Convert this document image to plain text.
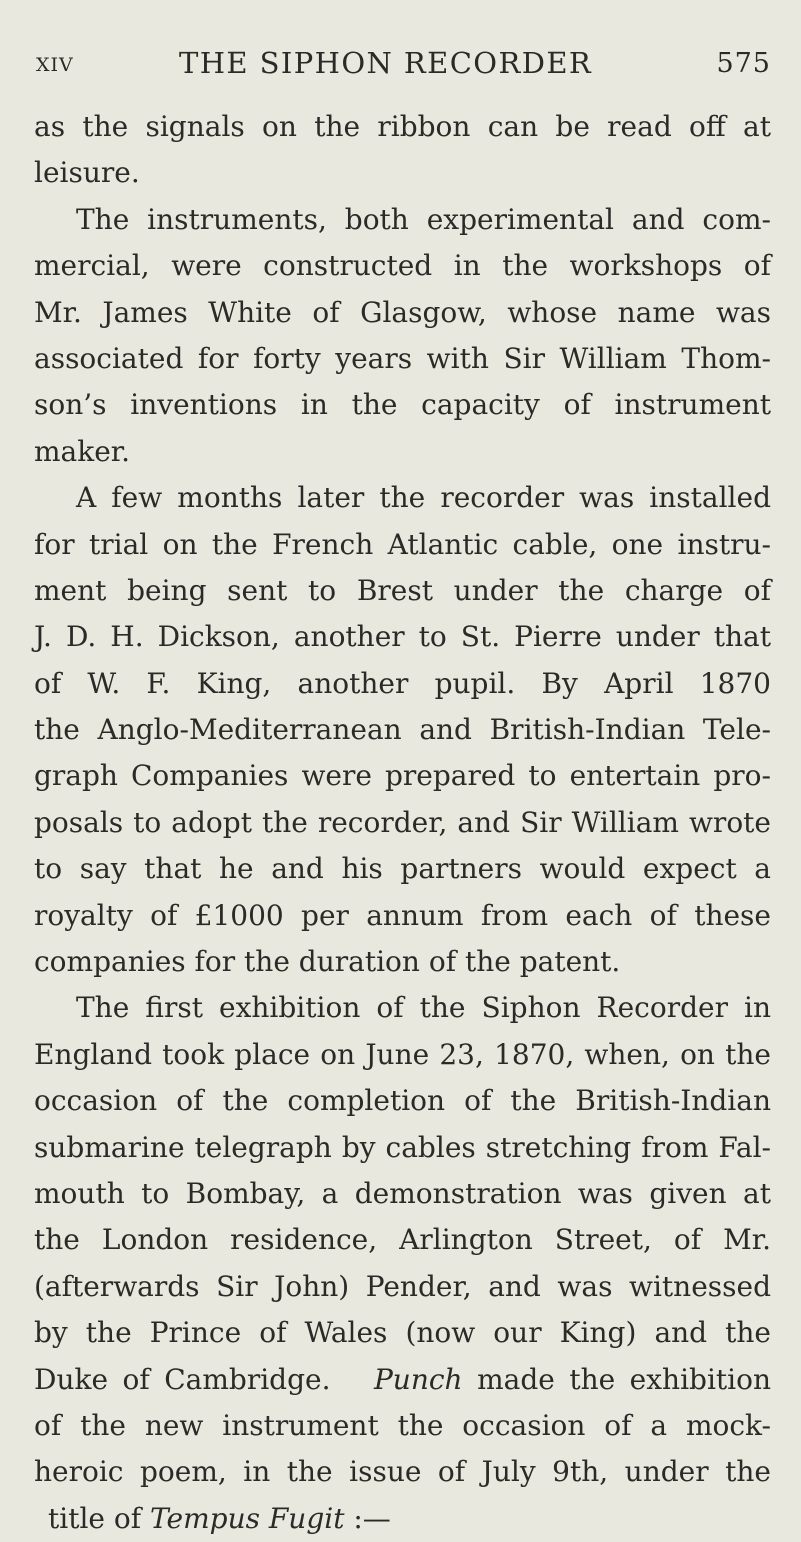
XIV	THE SIPHON RECORDER	575
as the signals on the ribbon can be read off at
leisure.
The instruments, both experimental and com-
mercial, were constructed in the workshops of
Mr. James White of Glasgow, whose name was
associated for forty years with Sir William Thom-
son’s inventions in the capacity of instrument
maker.
A few months later the recorder was installed
for trial on the French Atlantic cable, one instru-
ment being sent to Brest under the charge of
J. D. H. Dickson, another to St. Pierre under that
of W. F. King, another pupil. By April 1870
the Anglo-Mediterranean and British-Indian Tele-
graph Companies were prepared to entertain pro-
posals to adopt the recorder, and Sir William wrote
to say that he and his partners would expect a
royalty of £1000 per annum from each of these
companies for the duration of the patent.
The first exhibition of the Siphon Recorder in
England took place on June 23, 1870, when, on the
occasion of the completion of the British-Indian
submarine telegraph by cables stretching from Fal-
mouth to Bombay, a demonstration was given at
the London residence, Arlington Street, of Mr.
(afterwards Sir John) Pender, and was witnessed
by the Prince of Wales (now our King) and the
Duke of Cambridge. Punch made the exhibition
of the new instrument the occasion of a mock-
heroic poem, in the issue of July 9th, under the
title of Tempus Fugit :—
